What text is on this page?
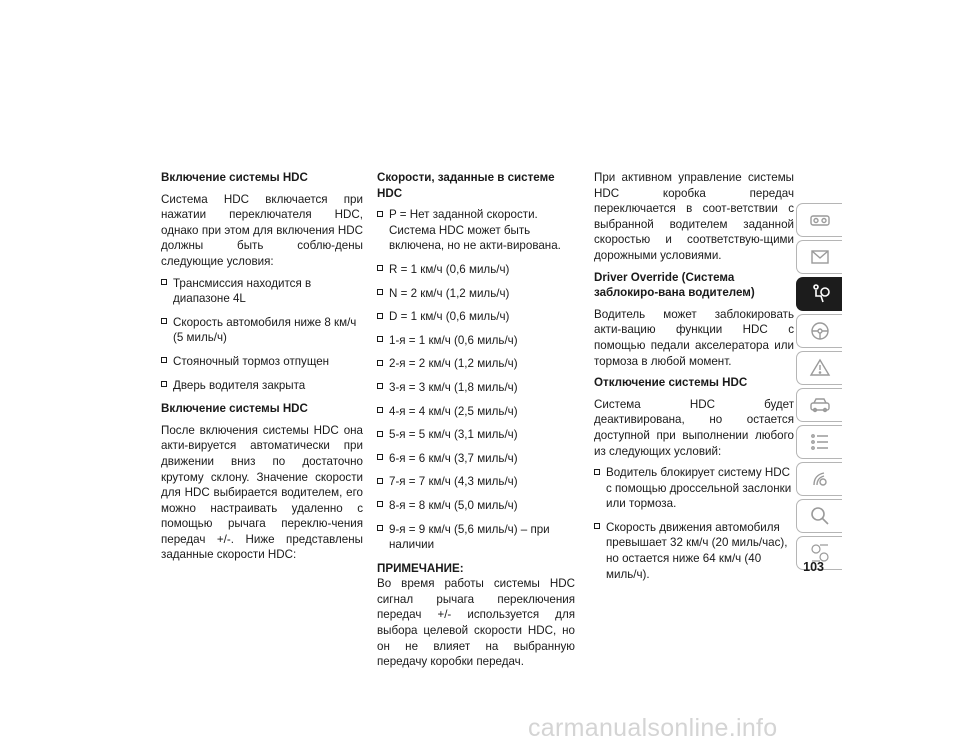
Включение системы HDC
Система HDC включается при нажатии переключателя HDC, однако при этом для включения HDC должны быть соблю-дены следующие условия:
Трансмиссия находится в диапазоне 4L
Скорость автомобиля ниже 8 км/ч (5 миль/ч)
Стояночный тормоз отпущен
Дверь водителя закрыта
Включение системы HDC
После включения системы HDC она акти-вируется автоматически при движении вниз по достаточно крутому склону. Значение скорости для HDC выбирается водителем, его можно настраивать удаленно с помощью рычага переклю-чения передач +/-. Ниже представлены заданные скорости HDC:
Скорости, заданные в системе HDC
P = Нет заданной скорости. Система HDC может быть включена, но не акти-вирована.
R = 1 км/ч (0,6 миль/ч)
N = 2 км/ч (1,2 миль/ч)
D = 1 км/ч (0,6 миль/ч)
1-я = 1 км/ч (0,6 миль/ч)
2-я = 2 км/ч (1,2 миль/ч)
3-я = 3 км/ч (1,8 миль/ч)
4-я = 4 км/ч (2,5 миль/ч)
5-я = 5 км/ч (3,1 миль/ч)
6-я = 6 км/ч (3,7 миль/ч)
7-я = 7 км/ч (4,3 миль/ч)
8-я = 8 км/ч (5,0 миль/ч)
9-я = 9 км/ч (5,6 миль/ч) – при наличии
ПРИМЕЧАНИЕ:
Во время работы системы HDC сигнал рычага переключения передач +/- используется для выбора целевой скорости HDC, но он не влияет на выбранную передачу коробки передач.
При активном управление системы HDC коробка передач переключается в соот-ветствии с выбранной водителем заданной скоростью и соответствую-щими дорожными условиями.
Driver Override (Система заблокиро-вана водителем)
Водитель может заблокировать акти-вацию функции HDC с помощью педали акселератора или тормоза в любой момент.
Отключение системы HDC
Система HDC будет деактивирована, но остается доступной при выполнении любого из следующих условий:
Водитель блокирует систему HDC с помощью дроссельной заслонки или тормоза.
Скорость движения автомобиля превышает 32 км/ч (20 миль/час), но остается ниже 64 км/ч (40 миль/ч).
103
carmanualsonline.info
